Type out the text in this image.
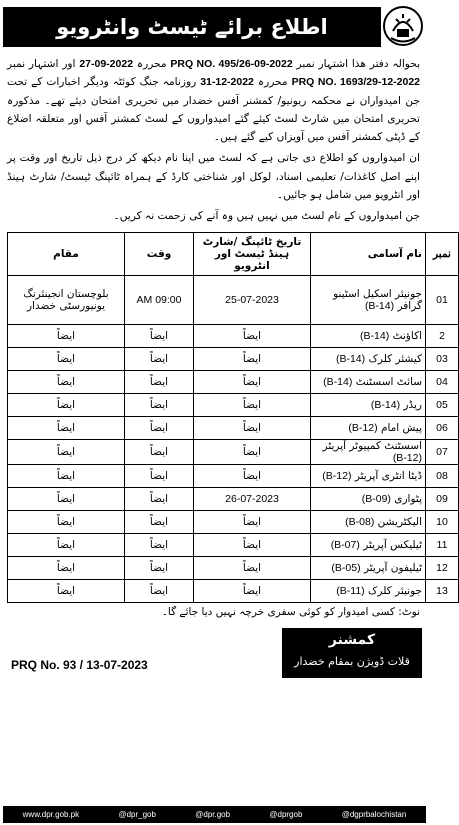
اطلاع برائے ٹیسٹ وانٹرویو
بحوالہ دفتر ھذا اشتہار نمبر PRQ NO. 495/26-09-2022 محررہ 27-09-2022 اور اشتہار نمبر PRQ NO. 1693/29-12-2022 محررہ 31-12-2022 روزنامہ جنگ کوئٹہ ودیگر اخبارات کے تحت جن امیدواران نے محکمہ ریونیو/ کمشنر آفس خضدار میں تحریری امتحان دیئے تھے۔ مذکورہ تحریری امتحان میں شارٹ لسٹ کیئے گئے امیدواروں کے لسٹ کمشنر آفس اور متعلقہ اضلاع کے ڈپٹی کمشنر آفس میں آویزاں کیے گئے ہیں۔
ان امیدواروں کو اطلاع دی جاتی ہے کہ لسٹ میں اپنا نام دیکھ کر درج ذیل تاریخ اور وقت پر اپنے اصل کاغذات/ تعلیمی اسناد، لوکل اور شناختی کارڈ کے ہمراہ ٹائپنگ ٹیسٹ/ شارٹ ہینڈ اور انٹرویو میں شامل ہو جائیں۔
جن امیدواروں کے نام لسٹ میں نہیں ہیں وہ آنے کی زحمت نہ کریں۔
نمبر	نام آسامی	تاریخ ٹائپنگ /شارٹ ہینڈ ٹیسٹ اور انٹرویو	وقت	مقام
01	جونیئر اسکیل اسٹینو گرافر (B-14)	25-07-2023	09:00 AM	بلوچستان انجینئرنگ یونیورسٹی خضدار
2	اکاؤنٹ (B-14)	ایضاً	ایضاً	ایضاً
03	کیشئر کلرک (B-14)	ایضاً	ایضاً	ایضاً
04	سائٹ اسسٹنٹ (B-14)	ایضاً	ایضاً	ایضاً
05	ریڈر (B-14)	ایضاً	ایضاً	ایضاً
06	پیش امام (B-12)	ایضاً	ایضاً	ایضاً
07	اسسٹنٹ کمپیوٹر آپریٹر (B-12)	ایضاً	ایضاً	ایضاً
08	ڈیٹا انٹری آپریٹر (B-12)	ایضاً	ایضاً	ایضاً
09	پٹواری (B-09)	26-07-2023	ایضاً	ایضاً
10	الیکٹریشن (B-08)	ایضاً	ایضاً	ایضاً
11	ٹیلیکس آپریٹر (B-07)	ایضاً	ایضاً	ایضاً
12	ٹیلیفون آپریٹر (B-05)	ایضاً	ایضاً	ایضاً
13	جونیئر کلرک (B-11)	ایضاً	ایضاً	ایضاً
نوٹ: کسی امیدوار کو کوئی سفری خرچہ نہیں دیا جائے گا۔
کمشنر
قلات ڈویژن بمقام خضدار
PRQ No. 93 / 13-07-2023
www.dpr.gob.pk	@dpr_gob	@dpr.gob	@dprgob	@dgprbalochistan
